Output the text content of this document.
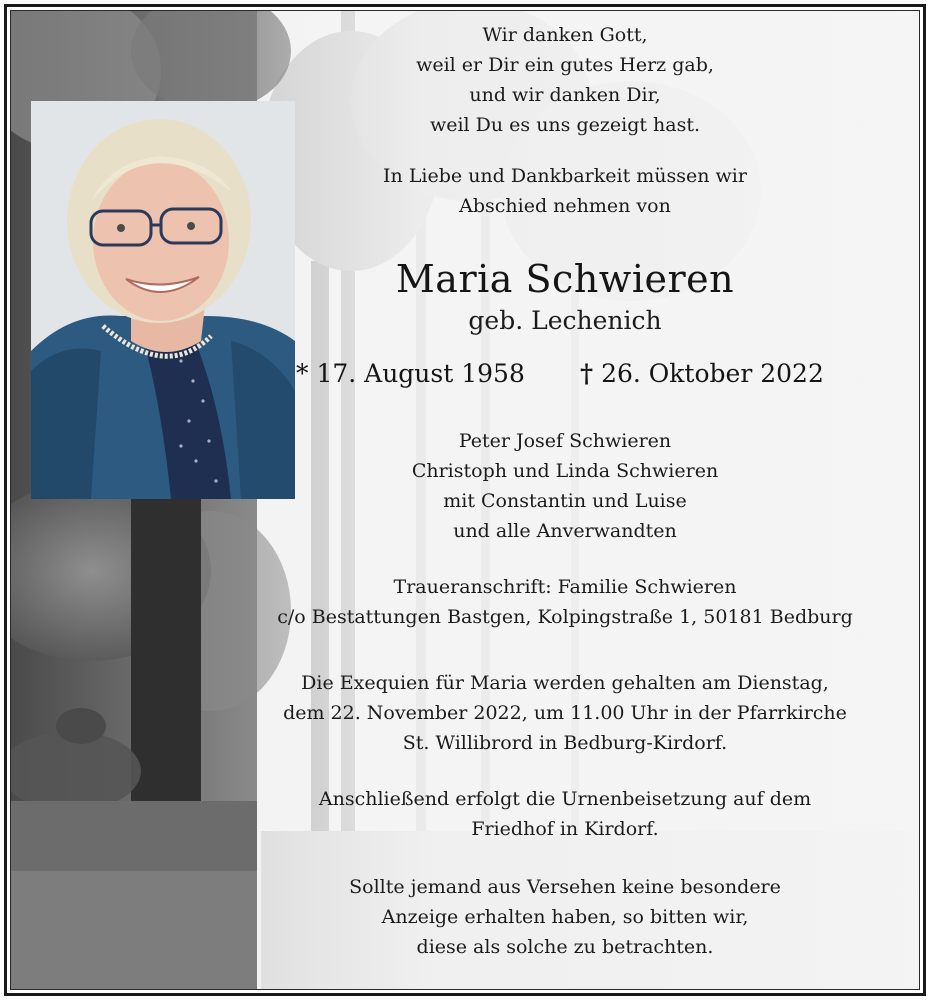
Wir danken Gott,
weil er Dir ein gutes Herz gab,
und wir danken Dir,
weil Du es uns gezeigt hast.
In Liebe und Dankbarkeit müssen wir
Abschied nehmen von
Maria Schwieren
geb. Lechenich
* 17. August 1958 † 26. Oktober 2022
Peter Josef Schwieren
Christoph und Linda Schwieren
mit Constantin und Luise
und alle Anverwandten
Traueranschrift: Familie Schwieren
c/o Bestattungen Bastgen, Kolpingstraße 1, 50181 Bedburg
Die Exequien für Maria werden gehalten am Dienstag,
dem 22. November 2022, um 11.00 Uhr in der Pfarrkirche
St. Willibrord in Bedburg-Kirdorf.
Anschließend erfolgt die Urnenbeisetzung auf dem
Friedhof in Kirdorf.
Sollte jemand aus Versehen keine besondere
Anzeige erhalten haben, so bitten wir,
diese als solche zu betrachten.
